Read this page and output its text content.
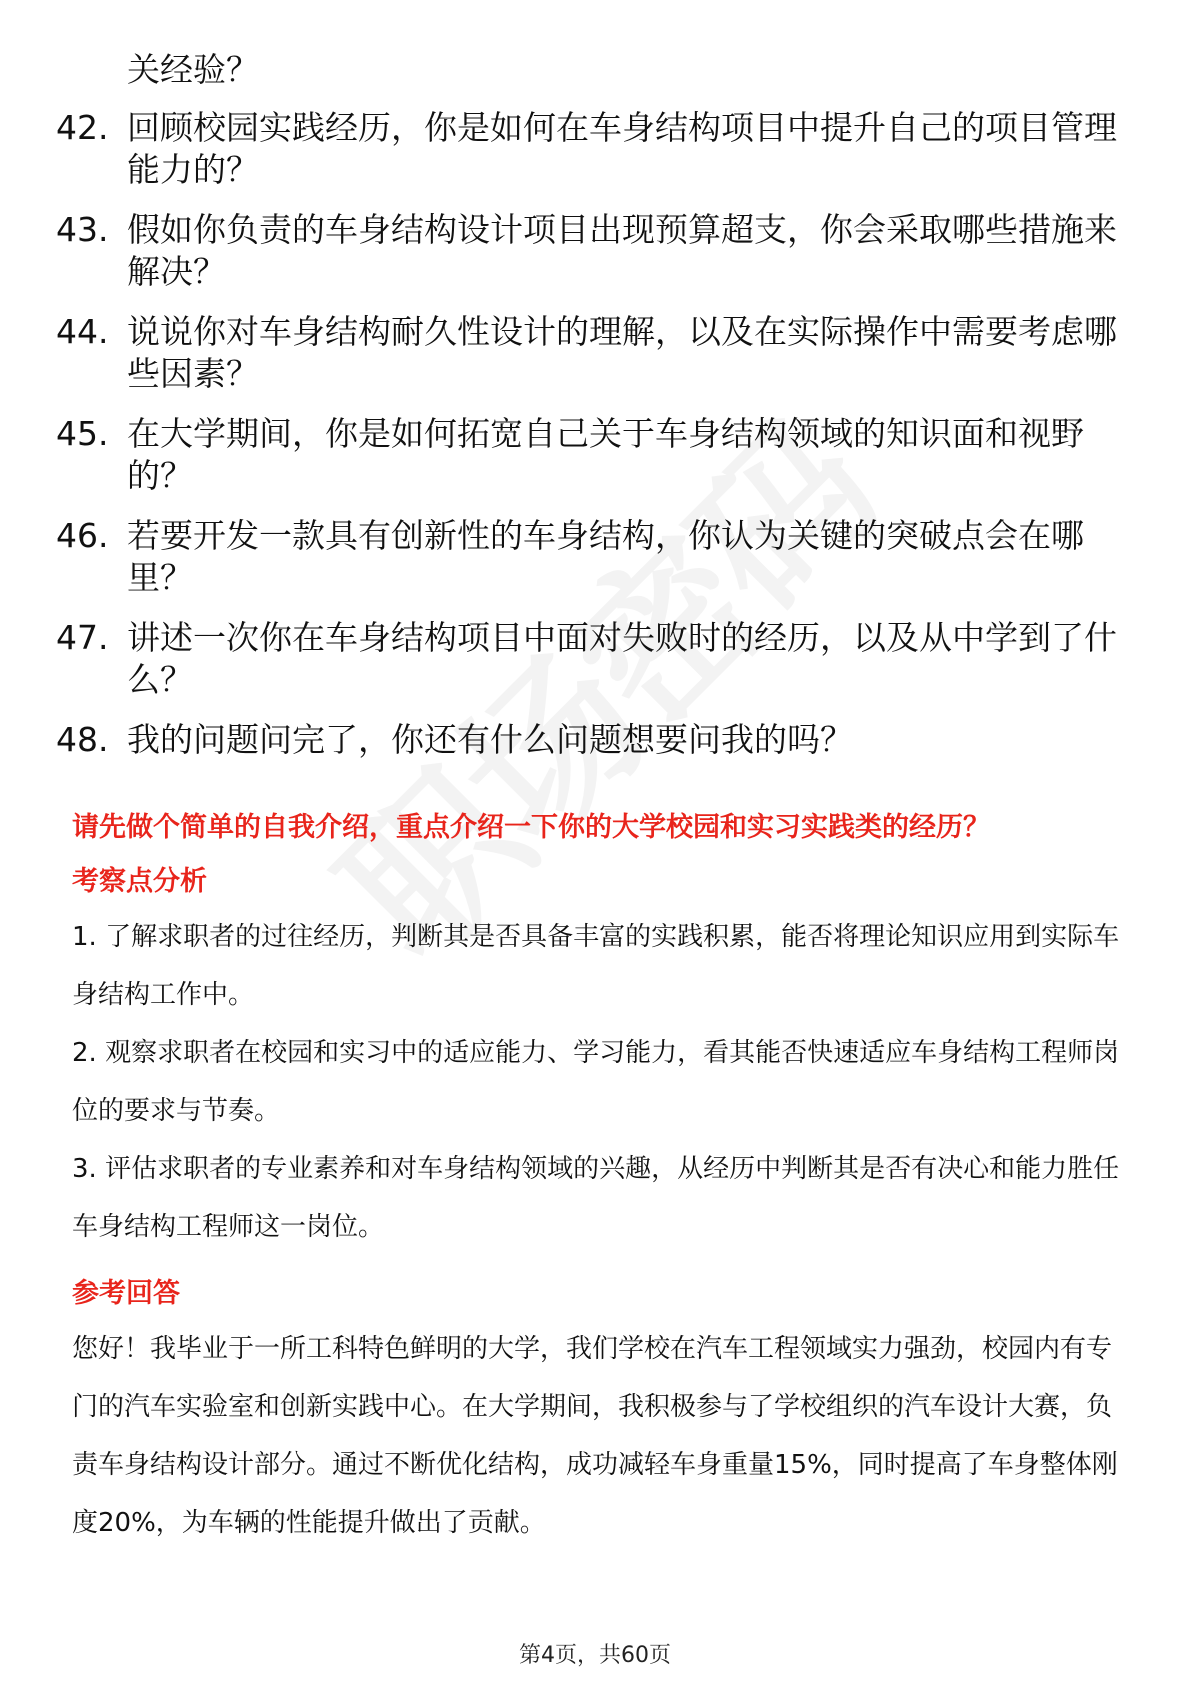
关经验？
42. 回顾校园实践经历，你是如何在车身结构项目中提升自己的项目管理能力的？
43. 假如你负责的车身结构设计项目出现预算超支，你会采取哪些措施来解决？
44. 说说你对车身结构耐久性设计的理解，以及在实际操作中需要考虑哪些因素？
45. 在大学期间，你是如何拓宽自己关于车身结构领域的知识面和视野的？
46. 若要开发一款具有创新性的车身结构，你认为关键的突破点会在哪里？
47. 讲述一次你在车身结构项目中面对失败时的经历，以及从中学到了什么？
48. 我的问题问完了，你还有什么问题想要问我的吗？

请先做个简单的自我介绍，重点介绍一下你的大学校园和实习实践类的经历？

考察点分析

1. 了解求职者的过往经历，判断其是否具备丰富的实践积累，能否将理论知识应用到实际车身结构工作中。

2. 观察求职者在校园和实习中的适应能力、学习能力，看其能否快速适应车身结构工程师岗位的要求与节奏。

3. 评估求职者的专业素养和对车身结构领域的兴趣，从经历中判断其是否有决心和能力胜任车身结构工程师这一岗位。

参考回答

您好！我毕业于一所工科特色鲜明的大学，我们学校在汽车工程领域实力强劲，校园内有专门的汽车实验室和创新实践中心。在大学期间，我积极参与了学校组织的汽车设计大赛，负责车身结构设计部分。通过不断优化结构，成功减轻车身重量15%，同时提高了车身整体刚度20%，为车辆的性能提升做出了贡献。

第4页，共60页
